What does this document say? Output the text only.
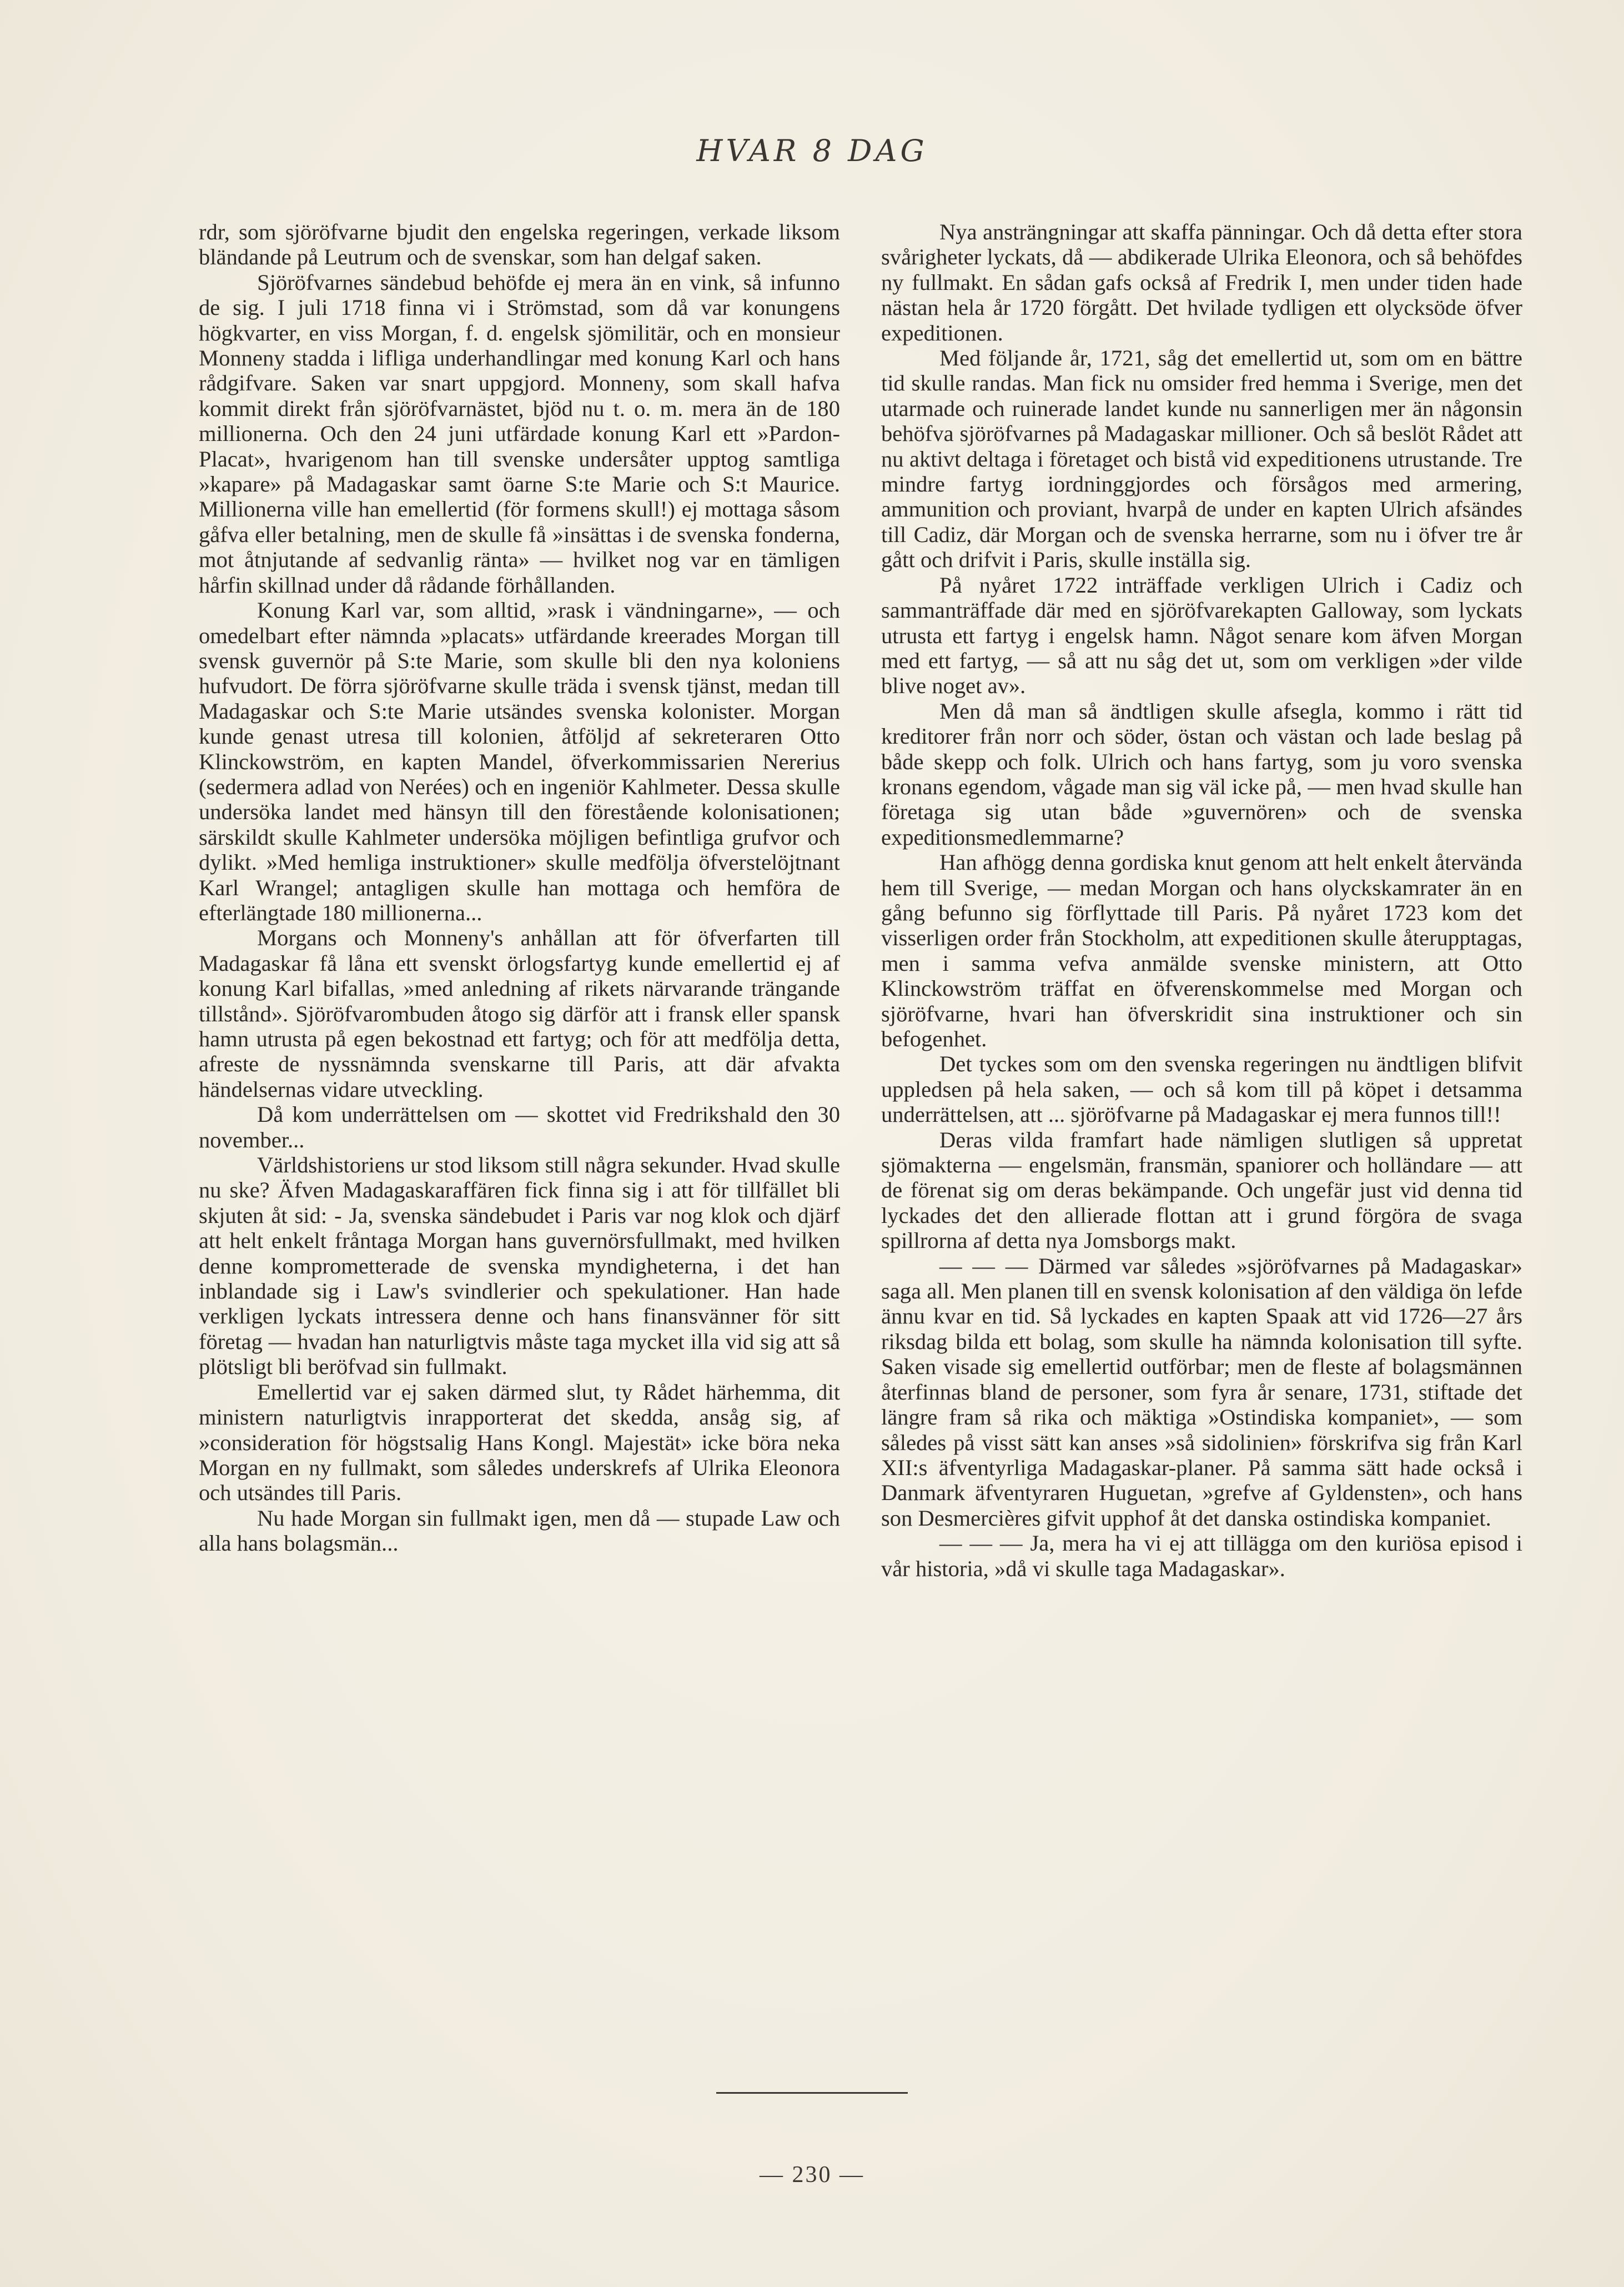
HVAR 8 DAG

rdr, som sjöröfvarne bjudit den engelska regeringen, verkade liksom bländande på Leutrum och de svenskar, som han delgaf saken.

Sjöröfvarnes sändebud behöfde ej mera än en vink, så infunno de sig. I juli 1718 finna vi i Strömstad, som då var konungens högkvarter, en viss Morgan, f. d. engelsk sjömilitär, och en monsieur Monneny stadda i lifliga underhandlingar med konung Karl och hans rådgifvare. Saken var snart uppgjord. Monneny, som skall hafva kommit direkt från sjöröfvarnästet, bjöd nu t. o. m. mera än de 180 millionerna. Och den 24 juni utfärdade konung Karl ett »Pardon-Placat», hvarigenom han till svenske undersåter upptog samtliga »kapare» på Madagaskar samt öarne S:te Marie och S:t Maurice. Millionerna ville han emellertid (för formens skull!) ej mottaga såsom gåfva eller betalning, men de skulle få »insättas i de svenska fonderna, mot åtnjutande af sedvanlig ränta» — hvilket nog var en tämligen hårfin skillnad under då rådande förhållanden.

Konung Karl var, som alltid, »rask i vändningarne», — och omedelbart efter nämnda »placats» utfärdande kreerades Morgan till svensk guvernör på S:te Marie, som skulle bli den nya koloniens hufvudort. De förra sjöröfvarne skulle träda i svensk tjänst, medan till Madagaskar och S:te Marie utsändes svenska kolonister. Morgan kunde genast utresa till kolonien, åtföljd af sekreteraren Otto Klinckowström, en kapten Mandel, öfverkommissarien Nererius (sedermera adlad von Nerées) och en ingeniör Kahlmeter. Dessa skulle undersöka landet med hänsyn till den förestående kolonisationen; särskildt skulle Kahlmeter undersöka möjligen befintliga grufvor och dylikt. »Med hemliga instruktioner» skulle medfölja öfverstelöjtnant Karl Wrangel; antagligen skulle han mottaga och hemföra de efterlängtade 180 millionerna...

Morgans och Monneny's anhållan att för öfverfarten till Madagaskar få låna ett svenskt örlogsfartyg kunde emellertid ej af konung Karl bifallas, »med anledning af rikets närvarande trängande tillstånd». Sjöröfvarombuden åtogo sig därför att i fransk eller spansk hamn utrusta på egen bekostnad ett fartyg; och för att medfölja detta, afreste de nyssnämnda svenskarne till Paris, att där afvakta händelsernas vidare utveckling.

Då kom underrättelsen om — skottet vid Fredrikshald den 30 november...

Världshistoriens ur stod liksom still några sekunder. Hvad skulle nu ske? Äfven Madagaskaraffären fick finna sig i att för tillfället bli skjuten åt sid: - Ja, svenska sändebudet i Paris var nog klok och djärf att helt enkelt fråntaga Morgan hans guvernörsfullmakt, med hvilken denne komprometterade de svenska myndigheterna, i det han inblandade sig i Law's svindlerier och spekulationer. Han hade verkligen lyckats intressera denne och hans finansvänner för sitt företag — hvadan han naturligtvis måste taga mycket illa vid sig att så plötsligt bli beröfvad sin fullmakt.

Emellertid var ej saken därmed slut, ty Rådet härhemma, dit ministern naturligtvis inrapporterat det skedda, ansåg sig, af »consideration för högstsalig Hans Kongl. Majestät» icke böra neka Morgan en ny fullmakt, som således underskrefs af Ulrika Eleonora och utsändes till Paris.

Nu hade Morgan sin fullmakt igen, men då — stupade Law och alla hans bolagsmän...

Nya ansträngningar att skaffa pänningar. Och då detta efter stora svårigheter lyckats, då — abdikerade Ulrika Eleonora, och så behöfdes ny fullmakt. En sådan gafs också af Fredrik I, men under tiden hade nästan hela år 1720 förgått. Det hvilade tydligen ett olycksöde öfver expeditionen.

Med följande år, 1721, såg det emellertid ut, som om en bättre tid skulle randas. Man fick nu omsider fred hemma i Sverige, men det utarmade och ruinerade landet kunde nu sannerligen mer än någonsin behöfva sjöröfvarnes på Madagaskar millioner. Och så beslöt Rådet att nu aktivt deltaga i företaget och bistå vid expeditionens utrustande. Tre mindre fartyg iordninggjordes och försågos med armering, ammunition och proviant, hvarpå de under en kapten Ulrich afsändes till Cadiz, där Morgan och de svenska herrarne, som nu i öfver tre år gått och drifvit i Paris, skulle inställa sig.

På nyåret 1722 inträffade verkligen Ulrich i Cadiz och sammanträffade där med en sjöröfvarekapten Galloway, som lyckats utrusta ett fartyg i engelsk hamn. Något senare kom äfven Morgan med ett fartyg, — så att nu såg det ut, som om verkligen »der vilde blive noget av».

Men då man så ändtligen skulle afsegla, kommo i rätt tid kreditorer från norr och söder, östan och västan och lade beslag på både skepp och folk. Ulrich och hans fartyg, som ju voro svenska kronans egendom, vågade man sig väl icke på, — men hvad skulle han företaga sig utan både »guvernören» och de svenska expeditionsmedlemmarne?

Han afhögg denna gordiska knut genom att helt enkelt återvända hem till Sverige, — medan Morgan och hans olyckskamrater än en gång befunno sig förflyttade till Paris. På nyåret 1723 kom det visserligen order från Stockholm, att expeditionen skulle återupptagas, men i samma vefva anmälde svenske ministern, att Otto Klinckowström träffat en öfverenskommelse med Morgan och sjöröfvarne, hvari han öfverskridit sina instruktioner och sin befogenhet.

Det tyckes som om den svenska regeringen nu ändtligen blifvit uppledsen på hela saken, — och så kom till på köpet i detsamma underrättelsen, att ... sjöröfvarne på Madagaskar ej mera funnos till!!

Deras vilda framfart hade nämligen slutligen så uppretat sjömakterna — engelsmän, fransmän, spaniorer och holländare — att de förenat sig om deras bekämpande. Och ungefär just vid denna tid lyckades det den allierade flottan att i grund förgöra de svaga spillrorna af detta nya Jomsborgs makt.

— — — Därmed var således »sjöröfvarnes på Madagaskar» saga all. Men planen till en svensk kolonisation af den väldiga ön lefde ännu kvar en tid. Så lyckades en kapten Spaak att vid 1726—27 års riksdag bilda ett bolag, som skulle ha nämnda kolonisation till syfte. Saken visade sig emellertid outförbar; men de fleste af bolagsmännen återfinnas bland de personer, som fyra år senare, 1731, stiftade det längre fram så rika och mäktiga »Ostindiska kompaniet», — som således på visst sätt kan anses »så sidolinien» förskrifva sig från Karl XII:s äfventyrliga Madagaskar-planer. På samma sätt hade också i Danmark äfventyraren Huguetan, »grefve af Gyldensten», och hans son Desmercières gifvit upphof åt det danska ostindiska kompaniet.

— — — Ja, mera ha vi ej att tillägga om den kuriösa episod i vår historia, »då vi skulle taga Madagaskar».

— 230 —
